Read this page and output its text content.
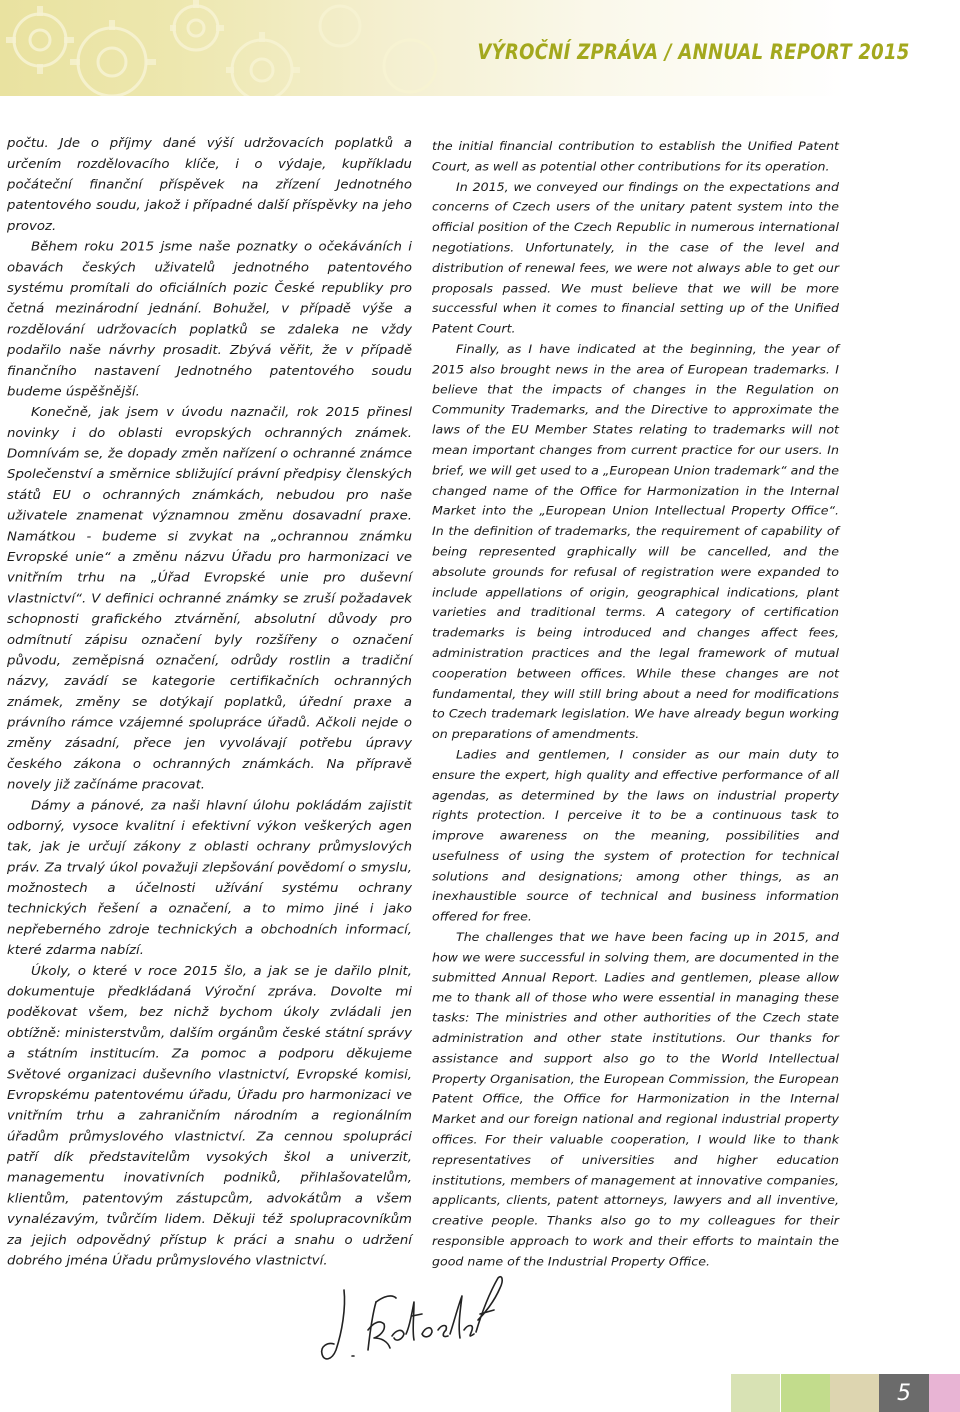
VÝROČNÍ ZPRÁVA / ANNUAL REPORT 2015

počtu. Jde o příjmy dané výší udržovacích poplatků a určením rozdělovacího klíče, i o výdaje, kupříkladu počáteční finanční příspěvek na zřízení Jednotného patentového soudu, jakož i případné další příspěvky na jeho provoz.

Během roku 2015 jsme naše poznatky o očekáváních i obavách českých uživatelů jednotného patentového systému promítali do oficiálních pozic České republiky pro četná mezinárodní jednání. Bohužel, v případě výše a rozdělování udržovacích poplatků se zdaleka ne vždy podařilo naše návrhy prosadit. Zbývá věřit, že v případě finančního nastavení Jednotného patentového soudu budeme úspěšnější.

Konečně, jak jsem v úvodu naznačil, rok 2015 přinesl novinky i do oblasti evropských ochranných známek. Domnívám se, že dopady změn nařízení o ochranné známce Společenství a směrnice sbližující právní předpisy členských států EU o ochranných známkách, nebudou pro naše uživatele znamenat významnou změnu dosavadní praxe. Namátkou - budeme si zvykat na „ochrannou známku Evropské unie“ a změnu názvu Úřadu pro harmonizaci ve vnitřním trhu na „Úřad Evropské unie pro duševní vlastnictví“. V definici ochranné známky se zruší požadavek schopnosti grafického ztvárnění, absolutní důvody pro odmítnutí zápisu označení byly rozšířeny o označení původu, zeměpisná označení, odrůdy rostlin a tradiční názvy, zavádí se kategorie certifikačních ochranných známek, změny se dotýkají poplatků, úřední praxe a právního rámce vzájemné spolupráce úřadů. Ačkoli nejde o změny zásadní, přece jen vyvolávají potřebu úpravy českého zákona o ochranných známkách. Na přípravě novely již začínáme pracovat.

Dámy a pánové, za naši hlavní úlohu pokládám zajistit odborný, vysoce kvalitní i efektivní výkon veškerých agen tak, jak je určují zákony z oblasti ochrany průmyslových práv. Za trvalý úkol považuji zlepšování povědomí o smyslu, možnostech a účelnosti užívání systému ochrany technických řešení a označení, a to mimo jiné i jako nepřeberného zdroje technických a obchodních informací, které zdarma nabízí.

Úkoly, o které v roce 2015 šlo, a jak se je dařilo plnit, dokumentuje předkládaná Výroční zpráva. Dovolte mi poděkovat všem, bez nichž bychom úkoly zvládali jen obtížně: ministerstvům, dalším orgánům české státní správy a státním institucím. Za pomoc a podporu děkujeme Světové organizaci duševního vlastnictví, Evropské komisi, Evropskému patentovému úřadu, Úřadu pro harmonizaci ve vnitřním trhu a zahraničním národním a regionálním úřadům průmyslového vlastnictví. Za cennou spolupráci patří dík představitelům vysokých škol a univerzit, managementu inovativních podniků, přihlašovatelům, klientům, patentovým zástupcům, advokátům a všem vynalézavým, tvůrčím lidem. Děkuji též spolupracovníkům za jejich odpovědný přístup k práci a snahu o udržení dobrého jména Úřadu průmyslového vlastnictví.

the initial financial contribution to establish the Unified Patent Court, as well as potential other contributions for its operation.

In 2015, we conveyed our findings on the expectations and concerns of Czech users of the unitary patent system into the official position of the Czech Republic in numerous international negotiations. Unfortunately, in the case of the level and distribution of renewal fees, we were not always able to get our proposals passed. We must believe that we will be more successful when it comes to financial setting up of the Unified Patent Court.

Finally, as I have indicated at the beginning, the year of 2015 also brought news in the area of European trademarks. I believe that the impacts of changes in the Regulation on Community Trademarks, and the Directive to approximate the laws of the EU Member States relating to trademarks will not mean important changes from current practice for our users. In brief, we will get used to a „European Union trademark“ and the changed name of the Office for Harmonization in the Internal Market into the „European Union Intellectual Property Office“. In the definition of trademarks, the requirement of capability of being represented graphically will be cancelled, and the absolute grounds for refusal of registration were expanded to include appellations of origin, geographical indications, plant varieties and traditional terms. A category of certification trademarks is being introduced and changes affect fees, administration practices and the legal framework of mutual cooperation between offices. While these changes are not fundamental, they will still bring about a need for modifications to Czech trademark legislation. We have already begun working on preparations of amendments.

Ladies and gentlemen, I consider as our main duty to ensure the expert, high quality and effective performance of all agendas, as determined by the laws on industrial property rights protection. I perceive it to be a continuous task to improve awareness on the meaning, possibilities and usefulness of using the system of protection for technical solutions and designations; among other things, as an inexhaustible source of technical and business information offered for free.

The challenges that we have been facing up in 2015, and how we were successful in solving them, are documented in the submitted Annual Report. Ladies and gentlemen, please allow me to thank all of those who were essential in managing these tasks: The ministries and other authorities of the Czech state administration and other state institutions. Our thanks for assistance and support also go to the World Intellectual Property Organisation, the European Commission, the European Patent Office, the Office for Harmonization in the Internal Market and our foreign national and regional industrial property offices. For their valuable cooperation, I would like to thank representatives of universities and higher education institutions, members of management at innovative companies, applicants, clients, patent attorneys, lawyers and all inventive, creative people. Thanks also go to my colleagues for their responsible approach to work and their efforts to maintain the good name of the Industrial Property Office.

5
